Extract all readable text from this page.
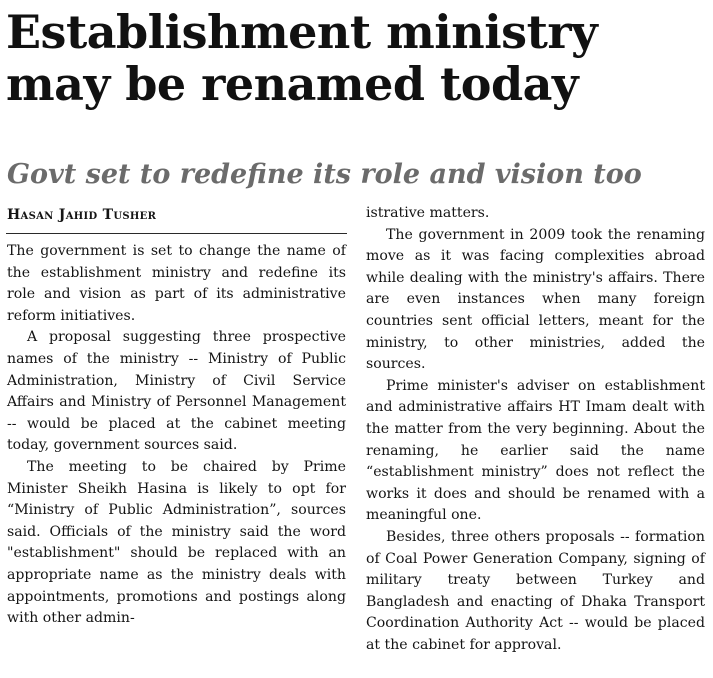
Establishment ministry
may be renamed today
Govt set to redefine its role and vision too
Hasan Jahid Tusher

The government is set to change the name of the establishment ministry and redefine its role and vision as part of its administrative reform initiatives.

A proposal suggesting three prospective names of the ministry -- Ministry of Public Administration, Ministry of Civil Service Affairs and Ministry of Personnel Management -- would be placed at the cabinet meeting today, government sources said.

The meeting to be chaired by Prime Minister Sheikh Hasina is likely to opt for “Ministry of Public Administration”, sources said. Officials of the ministry said the word "establishment" should be replaced with an appropriate name as the ministry deals with appointments, promotions and postings along with other admin-

istrative matters.

The government in 2009 took the renaming move as it was facing complexities abroad while dealing with the ministry's affairs. There are even instances when many foreign countries sent official letters, meant for the ministry, to other ministries, added the sources.

Prime minister's adviser on establishment and administrative affairs HT Imam dealt with the matter from the very beginning. About the renaming, he earlier said the name “establishment ministry” does not reflect the works it does and should be renamed with a meaningful one.

Besides, three others proposals -- formation of Coal Power Generation Company, signing of military treaty between Turkey and Bangladesh and enacting of Dhaka Transport Coordination Authority Act -- would be placed at the cabinet for approval.
